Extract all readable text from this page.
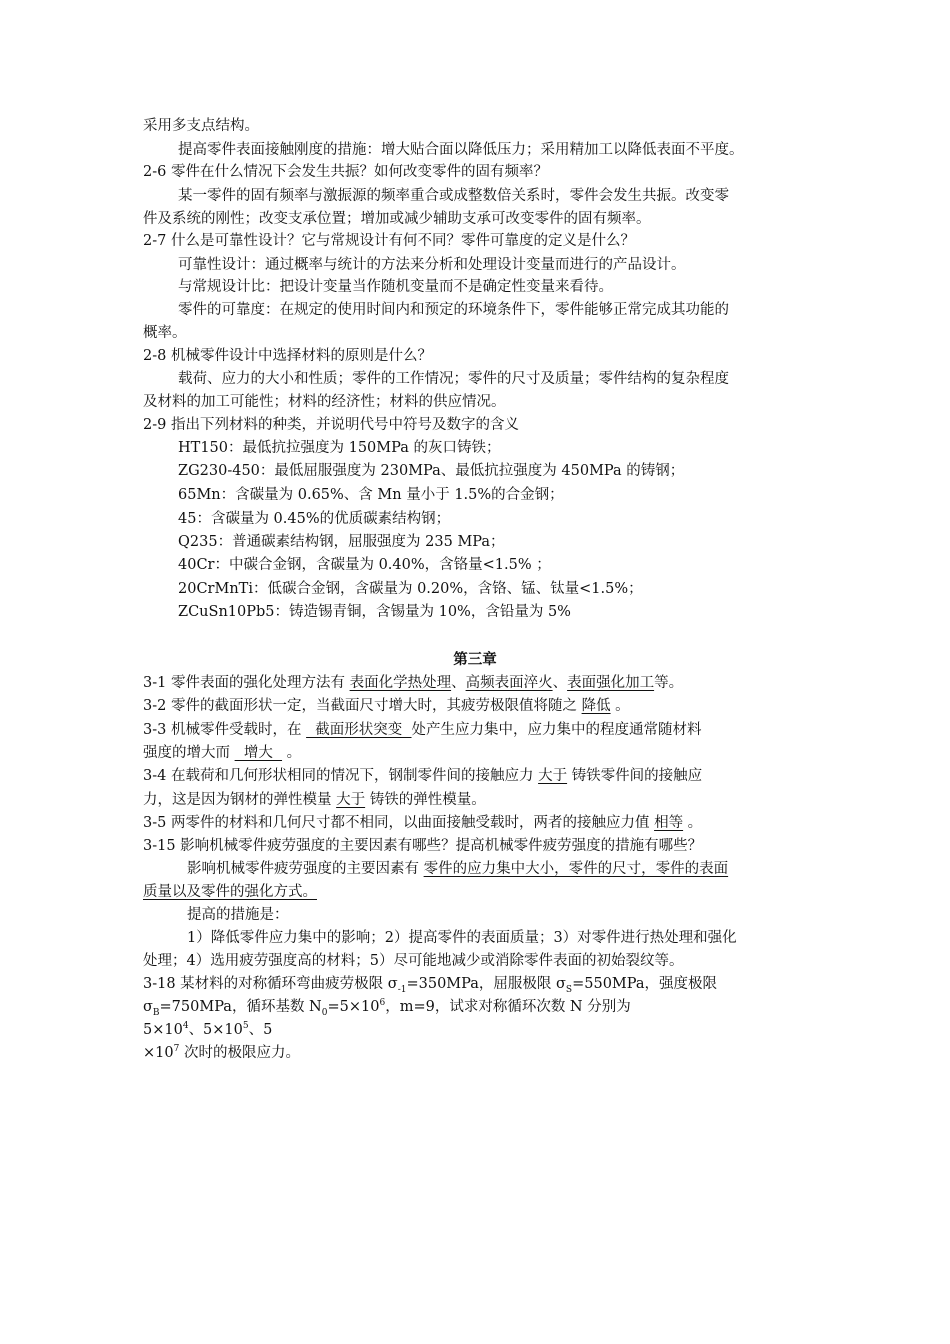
采用多支点结构。
提高零件表面接触刚度的措施：增大贴合面以降低压力；采用精加工以降低表面不平度。
2-6 零件在什么情况下会发生共振？如何改变零件的固有频率？
某一零件的固有频率与激振源的频率重合或成整数倍关系时，零件会发生共振。改变零
件及系统的刚性；改变支承位置；增加或减少辅助支承可改变零件的固有频率。
2-7 什么是可靠性设计？它与常规设计有何不同？零件可靠度的定义是什么？
可靠性设计：通过概率与统计的方法来分析和处理设计变量而进行的产品设计。
与常规设计比：把设计变量当作随机变量而不是确定性变量来看待。
零件的可靠度：在规定的使用时间内和预定的环境条件下，零件能够正常完成其功能的
概率。
2-8 机械零件设计中选择材料的原则是什么？
载荷、应力的大小和性质；零件的工作情况；零件的尺寸及质量；零件结构的复杂程度
及材料的加工可能性；材料的经济性；材料的供应情况。
2-9 指出下列材料的种类，并说明代号中符号及数字的含义
HT150：最低抗拉强度为 150MPa 的灰口铸铁；
ZG230-450：最低屈服强度为 230MPa、最低抗拉强度为 450MPa 的铸钢；
65Mn：含碳量为 0.65%、含 Mn 量小于 1.5%的合金钢；
45：含碳量为 0.45%的优质碳素结构钢；
Q235：普通碳素结构钢，屈服强度为 235 MPa；
40Cr：中碳合金钢，含碳量为 0.40%，含铬量<1.5% ；
20CrMnTi：低碳合金钢，含碳量为 0.20%，含铬、锰、钛量<1.5%；
ZCuSn10Pb5：铸造锡青铜，含锡量为 10%，含铅量为 5%
第三章
3-1 零件表面的强化处理方法有 表面化学热处理、高频表面淬火、表面强化加工等。
3-2 零件的截面形状一定，当截面尺寸增大时，其疲劳极限值将随之 降低 。
3-3 机械零件受载时，在   截面形状突变  处产生应力集中，应力集中的程度通常随材料
强度的增大而   增大   。
3-4 在载荷和几何形状相同的情况下，钢制零件间的接触应力 大于 铸铁零件间的接触应
力，这是因为钢材的弹性模量 大于 铸铁的弹性模量。
3-5 两零件的材料和几何尺寸都不相同，以曲面接触受载时，两者的接触应力值 相等 。
3-15 影响机械零件疲劳强度的主要因素有哪些？提高机械零件疲劳强度的措施有哪些？
影响机械零件疲劳强度的主要因素有 零件的应力集中大小，零件的尺寸，零件的表面
质量以及零件的强化方式。
提高的措施是：
1）降低零件应力集中的影响；2）提高零件的表面质量；3）对零件进行热处理和强化
处理；4）选用疲劳强度高的材料；5）尽可能地减少或消除零件表面的初始裂纹等。
3-18 某材料的对称循环弯曲疲劳极限 $\sigma_{-1}=350MPa$，屈服极限 $\sigma_S=550MPa$，强度极限
$\sigma_B=750MPa$，循环基数 $N_0=5\times 10^6$，m=9，试求对称循环次数 N 分别为
$5\times 10^4$、$5\times 10^5$、5
$\times 10^7$ 次时的极限应力。
